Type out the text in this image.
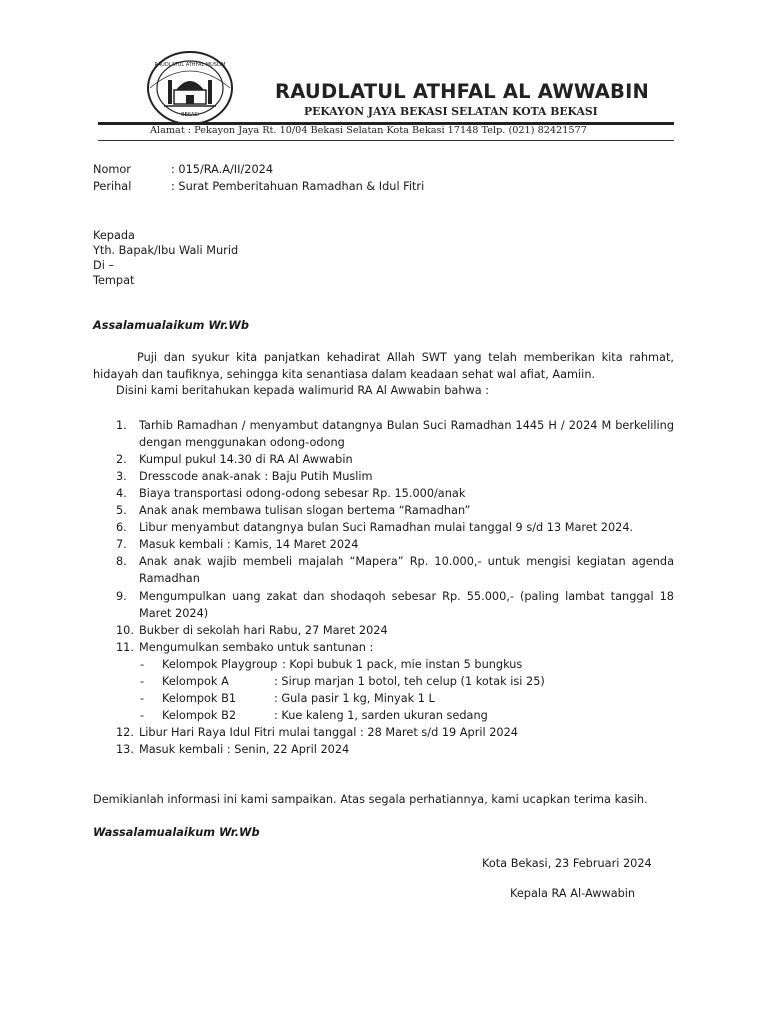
RAUDLATUL ATHFAL MUSLIM
BEKASI
RAUDLATUL ATHFAL AL AWWABIN
PEKAYON JAYA BEKASI SELATAN KOTA BEKASI
Alamat : Pekayon Jaya Rt. 10/04 Bekasi Selatan Kota Bekasi 17148 Telp. (021) 82421577
Nomor	: 015/RA.A/II/2024
Perihal	: Surat Pemberitahuan Ramadhan & Idul Fitri
Kepada
Yth. Bapak/Ibu Wali Murid
Di –
Tempat
Assalamualaikum Wr.Wb
Puji dan syukur kita panjatkan kehadirat Allah SWT yang telah memberikan kita rahmat, hidayah dan taufiknya, sehingga kita senantiasa dalam keadaan sehat wal afiat, Aamiin.
Disini kami beritahukan kepada walimurid RA Al Awwabin bahwa :
1. Tarhib Ramadhan / menyambut datangnya Bulan Suci Ramadhan 1445 H / 2024 M berkeliling dengan menggunakan odong-odong
2. Kumpul pukul 14.30 di RA Al Awwabin
3. Dresscode anak-anak : Baju Putih Muslim
4. Biaya transportasi odong-odong sebesar Rp. 15.000/anak
5. Anak anak membawa tulisan slogan bertema “Ramadhan”
6. Libur menyambut datangnya bulan Suci Ramadhan mulai tanggal 9 s/d 13 Maret 2024.
7. Masuk kembali : Kamis, 14 Maret 2024
8. Anak anak wajib membeli majalah “Mapera” Rp. 10.000,- untuk mengisi kegiatan agenda Ramadhan
9. Mengumpulkan uang zakat dan shodaqoh sebesar Rp. 55.000,- (paling lambat tanggal 18 Maret 2024)
10. Bukber di sekolah hari Rabu, 27 Maret 2024
11. Mengumulkan sembako untuk santunan :
- Kelompok Playgroup : Kopi bubuk 1 pack, mie instan 5 bungkus
- Kelompok A	: Sirup marjan 1 botol, teh celup (1 kotak isi 25)
- Kelompok B1	: Gula pasir 1 kg, Minyak 1 L
- Kelompok B2	: Kue kaleng 1, sarden ukuran sedang
12. Libur Hari Raya Idul Fitri mulai tanggal : 28 Maret s/d 19 April 2024
13. Masuk kembali : Senin, 22 April 2024
Demikianlah informasi ini kami sampaikan. Atas segala perhatiannya, kami ucapkan terima kasih.
Wassalamualaikum Wr.Wb
Kota Bekasi, 23 Februari 2024
Kepala RA Al-Awwabin
